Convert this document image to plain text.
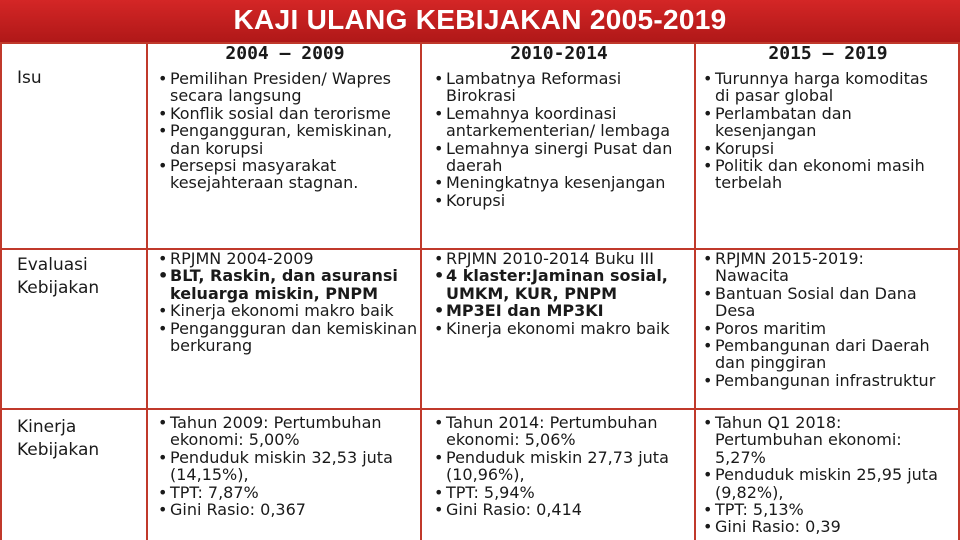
KAJI ULANG KEBIJAKAN 2005-2019
2004 – 2009	2010-2014	2015 – 2019
Isu
Evaluasi Kebijakan
Kinerja Kebijakan
• Pemilihan Presiden/ Wapres secara langsung
• Konflik sosial dan terorisme
• Pengangguran, kemiskinan, dan korupsi
• Persepsi masyarakat kesejahteraan stagnan.
• Lambatnya Reformasi Birokrasi
• Lemahnya koordinasi antarkementerian/ lembaga
• Lemahnya sinergi Pusat dan daerah
• Meningkatnya kesenjangan
• Korupsi
• Turunnya harga komoditas di pasar global
• Perlambatan dan kesenjangan
• Korupsi
• Politik dan ekonomi masih terbelah
• RPJMN 2004-2009
• BLT, Raskin, dan asuransi keluarga miskin, PNPM
• Kinerja ekonomi makro baik
• Pengangguran dan kemiskinan berkurang
• RPJMN 2010-2014 Buku III
• 4 klaster:Jaminan sosial, UMKM, KUR, PNPM
• MP3EI dan MP3KI
• Kinerja ekonomi makro baik
• RPJMN 2015-2019: Nawacita
• Bantuan Sosial dan Dana Desa
• Poros maritim
• Pembangunan dari Daerah dan pinggiran
• Pembangunan infrastruktur
• Tahun 2009: Pertumbuhan ekonomi: 5,00%
• Penduduk miskin 32,53 juta (14,15%),
• TPT: 7,87%
• Gini Rasio: 0,367
• Tahun 2014: Pertumbuhan ekonomi: 5,06%
• Penduduk miskin 27,73 juta (10,96%),
• TPT: 5,94%
• Gini Rasio: 0,414
• Tahun Q1 2018: Pertumbuhan ekonomi: 5,27%
• Penduduk miskin 25,95 juta (9,82%),
• TPT: 5,13%
• Gini Rasio: 0,39
